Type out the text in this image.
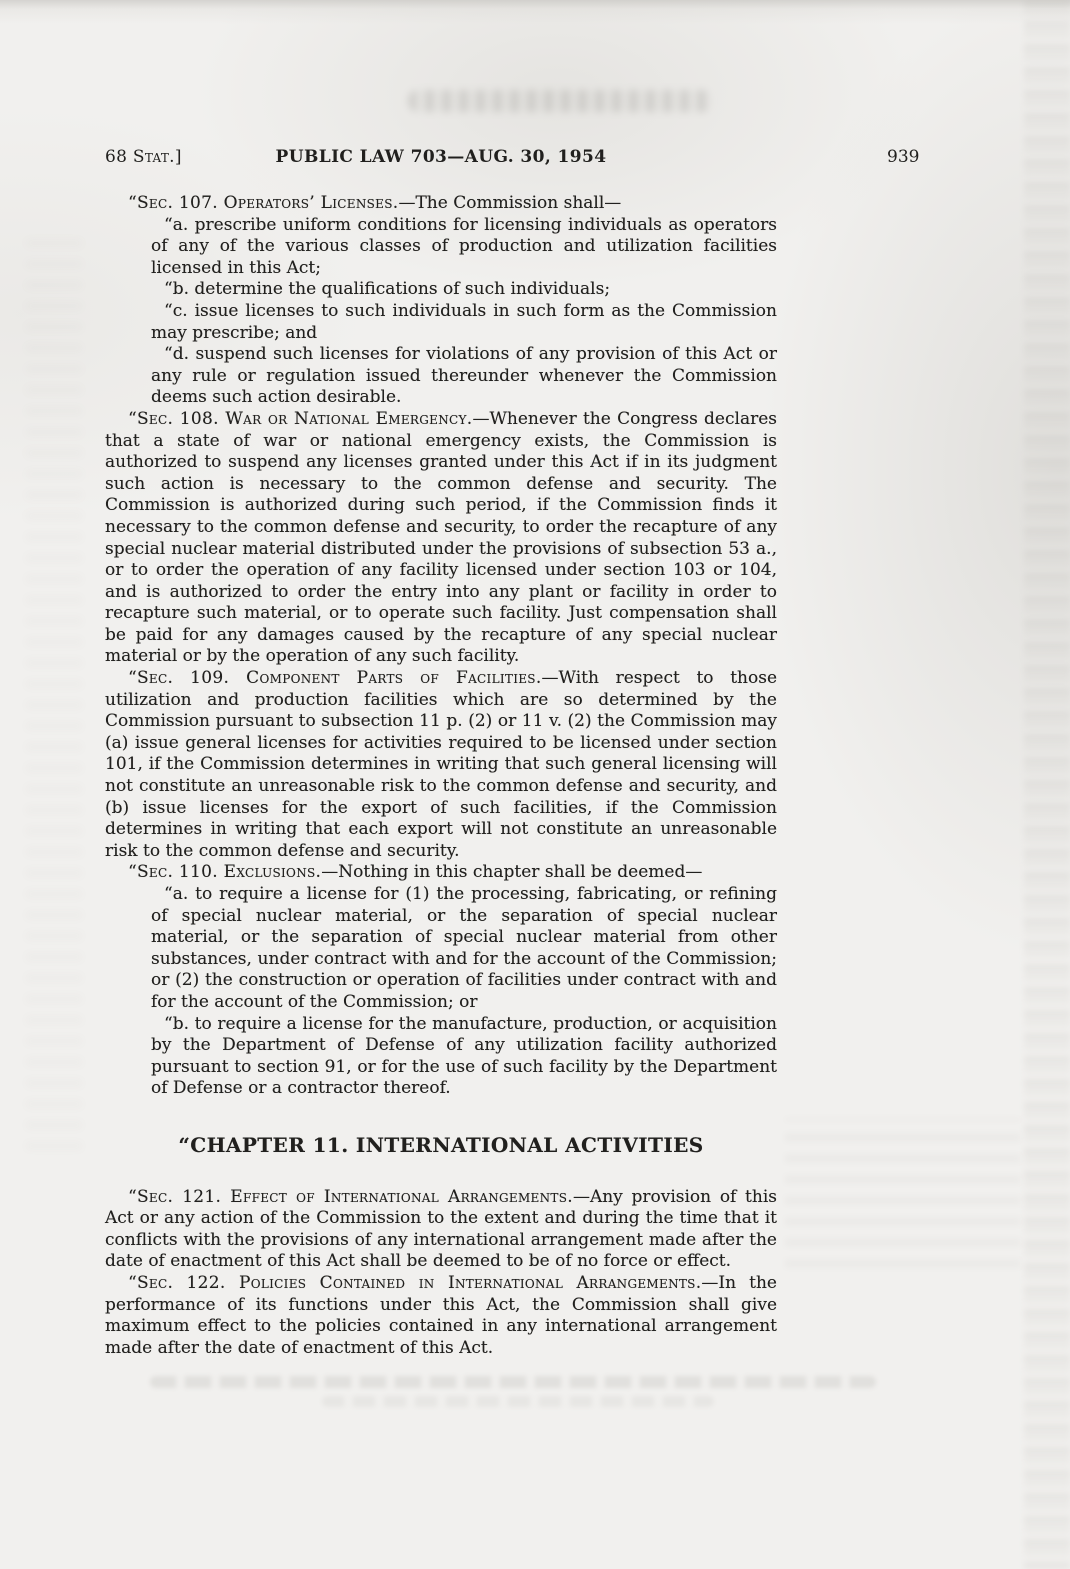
68 Stat.]	PUBLIC LAW 703—AUG. 30, 1954	939

“Sec. 107. Operators’ Licenses.—The Commission shall—

“a. prescribe uniform conditions for licensing individuals as operators of any of the various classes of production and utilization facilities licensed in this Act;

“b. determine the qualifications of such individuals;

“c. issue licenses to such individuals in such form as the Commission may prescribe; and

“d. suspend such licenses for violations of any provision of this Act or any rule or regulation issued thereunder whenever the Commission deems such action desirable.

“Sec. 108. War or National Emergency.—Whenever the Congress declares that a state of war or national emergency exists, the Commission is authorized to suspend any licenses granted under this Act if in its judgment such action is necessary to the common defense and security. The Commission is authorized during such period, if the Commission finds it necessary to the common defense and security, to order the recapture of any special nuclear material distributed under the provisions of subsection 53 a., or to order the operation of any facility licensed under section 103 or 104, and is authorized to order the entry into any plant or facility in order to recapture such material, or to operate such facility. Just compensation shall be paid for any damages caused by the recapture of any special nuclear material or by the operation of any such facility.

“Sec. 109. Component Parts of Facilities.—With respect to those utilization and production facilities which are so determined by the Commission pursuant to subsection 11 p. (2) or 11 v. (2) the Commission may (a) issue general licenses for activities required to be licensed under section 101, if the Commission determines in writing that such general licensing will not constitute an unreasonable risk to the common defense and security, and (b) issue licenses for the export of such facilities, if the Commission determines in writing that each export will not constitute an unreasonable risk to the common defense and security.

“Sec. 110. Exclusions.—Nothing in this chapter shall be deemed—

“a. to require a license for (1) the processing, fabricating, or refining of special nuclear material, or the separation of special nuclear material, or the separation of special nuclear material from other substances, under contract with and for the account of the Commission; or (2) the construction or operation of facilities under contract with and for the account of the Commission; or

“b. to require a license for the manufacture, production, or acquisition by the Department of Defense of any utilization facility authorized pursuant to section 91, or for the use of such facility by the Department of Defense or a contractor thereof.

“CHAPTER 11. INTERNATIONAL ACTIVITIES

“Sec. 121. Effect of International Arrangements.—Any provision of this Act or any action of the Commission to the extent and during the time that it conflicts with the provisions of any international arrangement made after the date of enactment of this Act shall be deemed to be of no force or effect.

“Sec. 122. Policies Contained in International Arrangements.—In the performance of its functions under this Act, the Commission shall give maximum effect to the policies contained in any international arrangement made after the date of enactment of this Act.
